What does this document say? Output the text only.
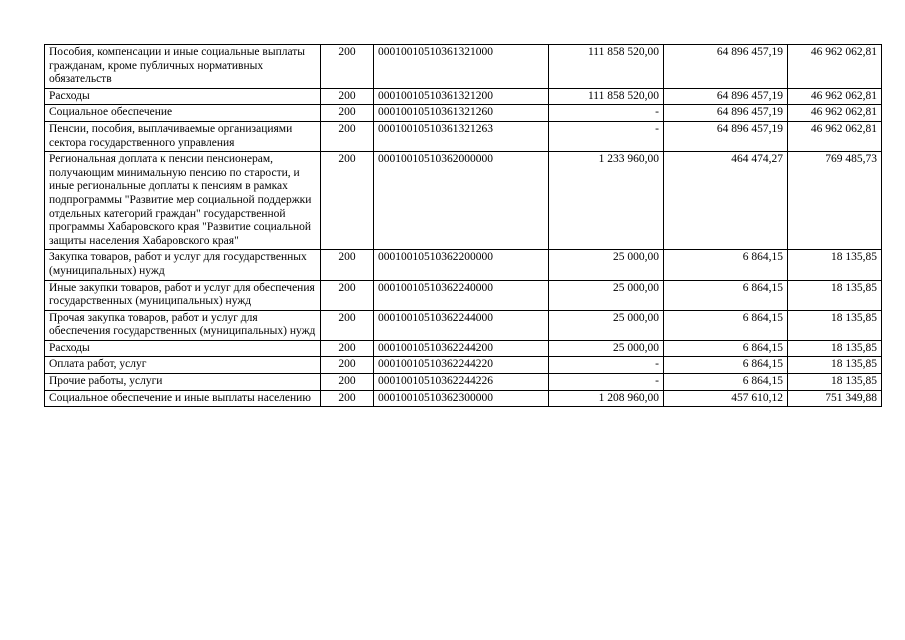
Пособия, компенсации и иные социальные выплаты гражданам, кроме публичных нормативных обязательств	200	00010010510361321000	111 858 520,00	64 896 457,19	46 962 062,81
Расходы	200	00010010510361321200	111 858 520,00	64 896 457,19	46 962 062,81
Социальное обеспечение	200	00010010510361321260	-	64 896 457,19	46 962 062,81
Пенсии, пособия, выплачиваемые организациями сектора государственного управления	200	00010010510361321263	-	64 896 457,19	46 962 062,81
Региональная доплата к пенсии пенсионерам, получающим минимальную пенсию по старости, и иные региональные доплаты к пенсиям в рамках подпрограммы "Развитие мер социальной поддержки отдельных категорий граждан" государственной программы Хабаровского края "Развитие социальной защиты населения Хабаровского края"	200	00010010510362000000	1 233 960,00	464 474,27	769 485,73
Закупка товаров, работ и услуг для государственных (муниципальных) нужд	200	00010010510362200000	25 000,00	6 864,15	18 135,85
Иные закупки товаров, работ и услуг для обеспечения государственных (муниципальных) нужд	200	00010010510362240000	25 000,00	6 864,15	18 135,85
Прочая закупка товаров, работ и услуг для обеспечения государственных (муниципальных) нужд	200	00010010510362244000	25 000,00	6 864,15	18 135,85
Расходы	200	00010010510362244200	25 000,00	6 864,15	18 135,85
Оплата работ, услуг	200	00010010510362244220	-	6 864,15	18 135,85
Прочие работы, услуги	200	00010010510362244226	-	6 864,15	18 135,85
Социальное обеспечение и иные выплаты населению	200	00010010510362300000	1 208 960,00	457 610,12	751 349,88
